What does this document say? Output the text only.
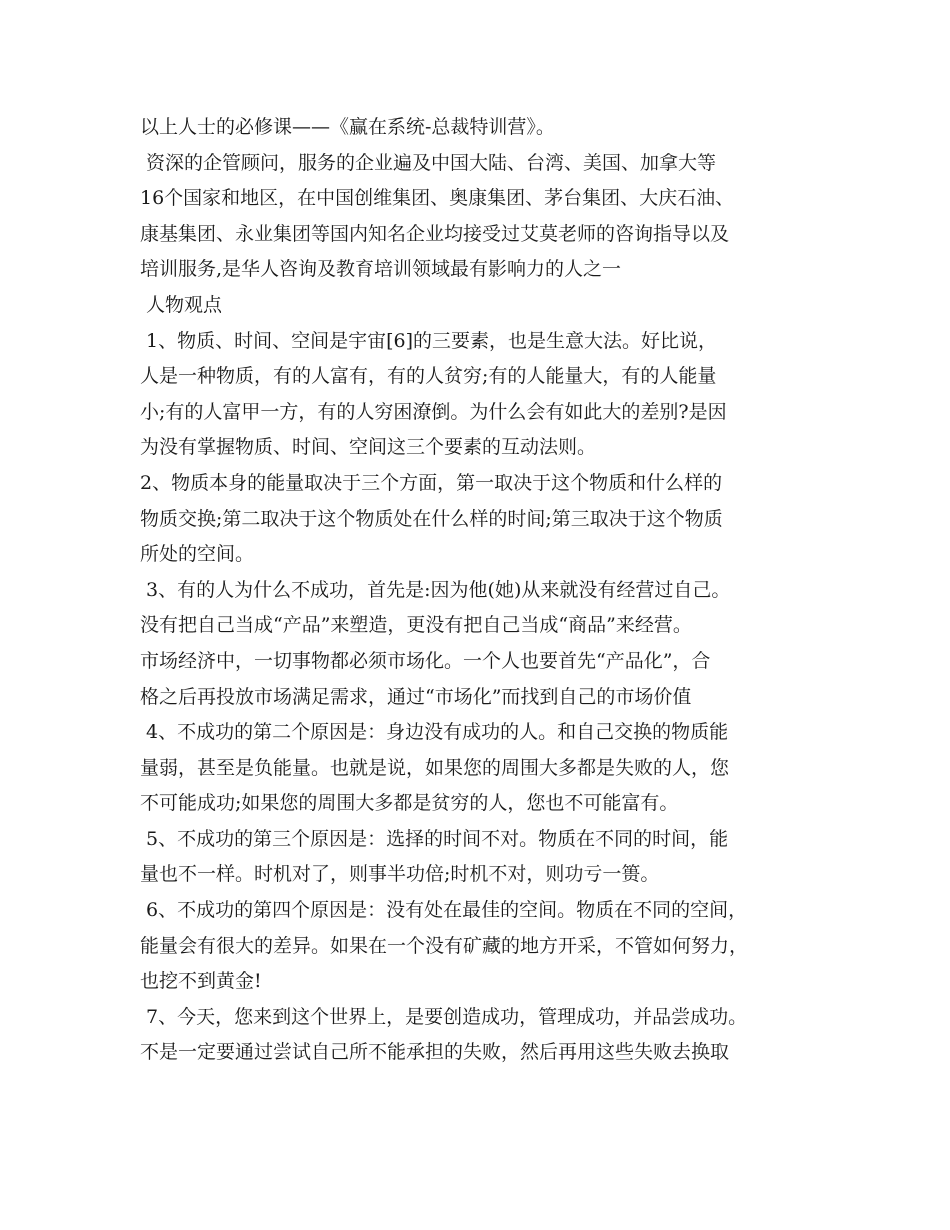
以上人士的必修课——《赢在系统-总裁特训营》。
资深的企管顾问，服务的企业遍及中国大陆、台湾、美国、加拿大等
16个国家和地区，在中国创维集团、奥康集团、茅台集团、大庆石油、
康基集团、永业集团等国内知名企业均接受过艾莫老师的咨询指导以及
培训服务,是华人咨询及教育培训领域最有影响力的人之一
人物观点
1、物质、时间、空间是宇宙[6]的三要素，也是生意大法。好比说，
人是一种物质，有的人富有，有的人贫穷;有的人能量大，有的人能量
小;有的人富甲一方，有的人穷困潦倒。为什么会有如此大的差别?是因
为没有掌握物质、时间、空间这三个要素的互动法则。
2、物质本身的能量取决于三个方面，第一取决于这个物质和什么样的
物质交换;第二取决于这个物质处在什么样的时间;第三取决于这个物质
所处的空间。
3、有的人为什么不成功，首先是:因为他(她)从来就没有经营过自己。
没有把自己当成“产品”来塑造，更没有把自己当成“商品”来经营。
市场经济中，一切事物都必须市场化。一个人也要首先“产品化”，合
格之后再投放市场满足需求，通过“市场化”而找到自己的市场价值
4、不成功的第二个原因是：身边没有成功的人。和自己交换的物质能
量弱，甚至是负能量。也就是说，如果您的周围大多都是失败的人，您
不可能成功;如果您的周围大多都是贫穷的人，您也不可能富有。
5、不成功的第三个原因是：选择的时间不对。物质在不同的时间，能
量也不一样。时机对了，则事半功倍;时机不对，则功亏一篑。
6、不成功的第四个原因是：没有处在最佳的空间。物质在不同的空间，
能量会有很大的差异。如果在一个没有矿藏的地方开采，不管如何努力，
也挖不到黄金!
7、今天，您来到这个世界上，是要创造成功，管理成功，并品尝成功。
不是一定要通过尝试自己所不能承担的失败，然后再用这些失败去换取
